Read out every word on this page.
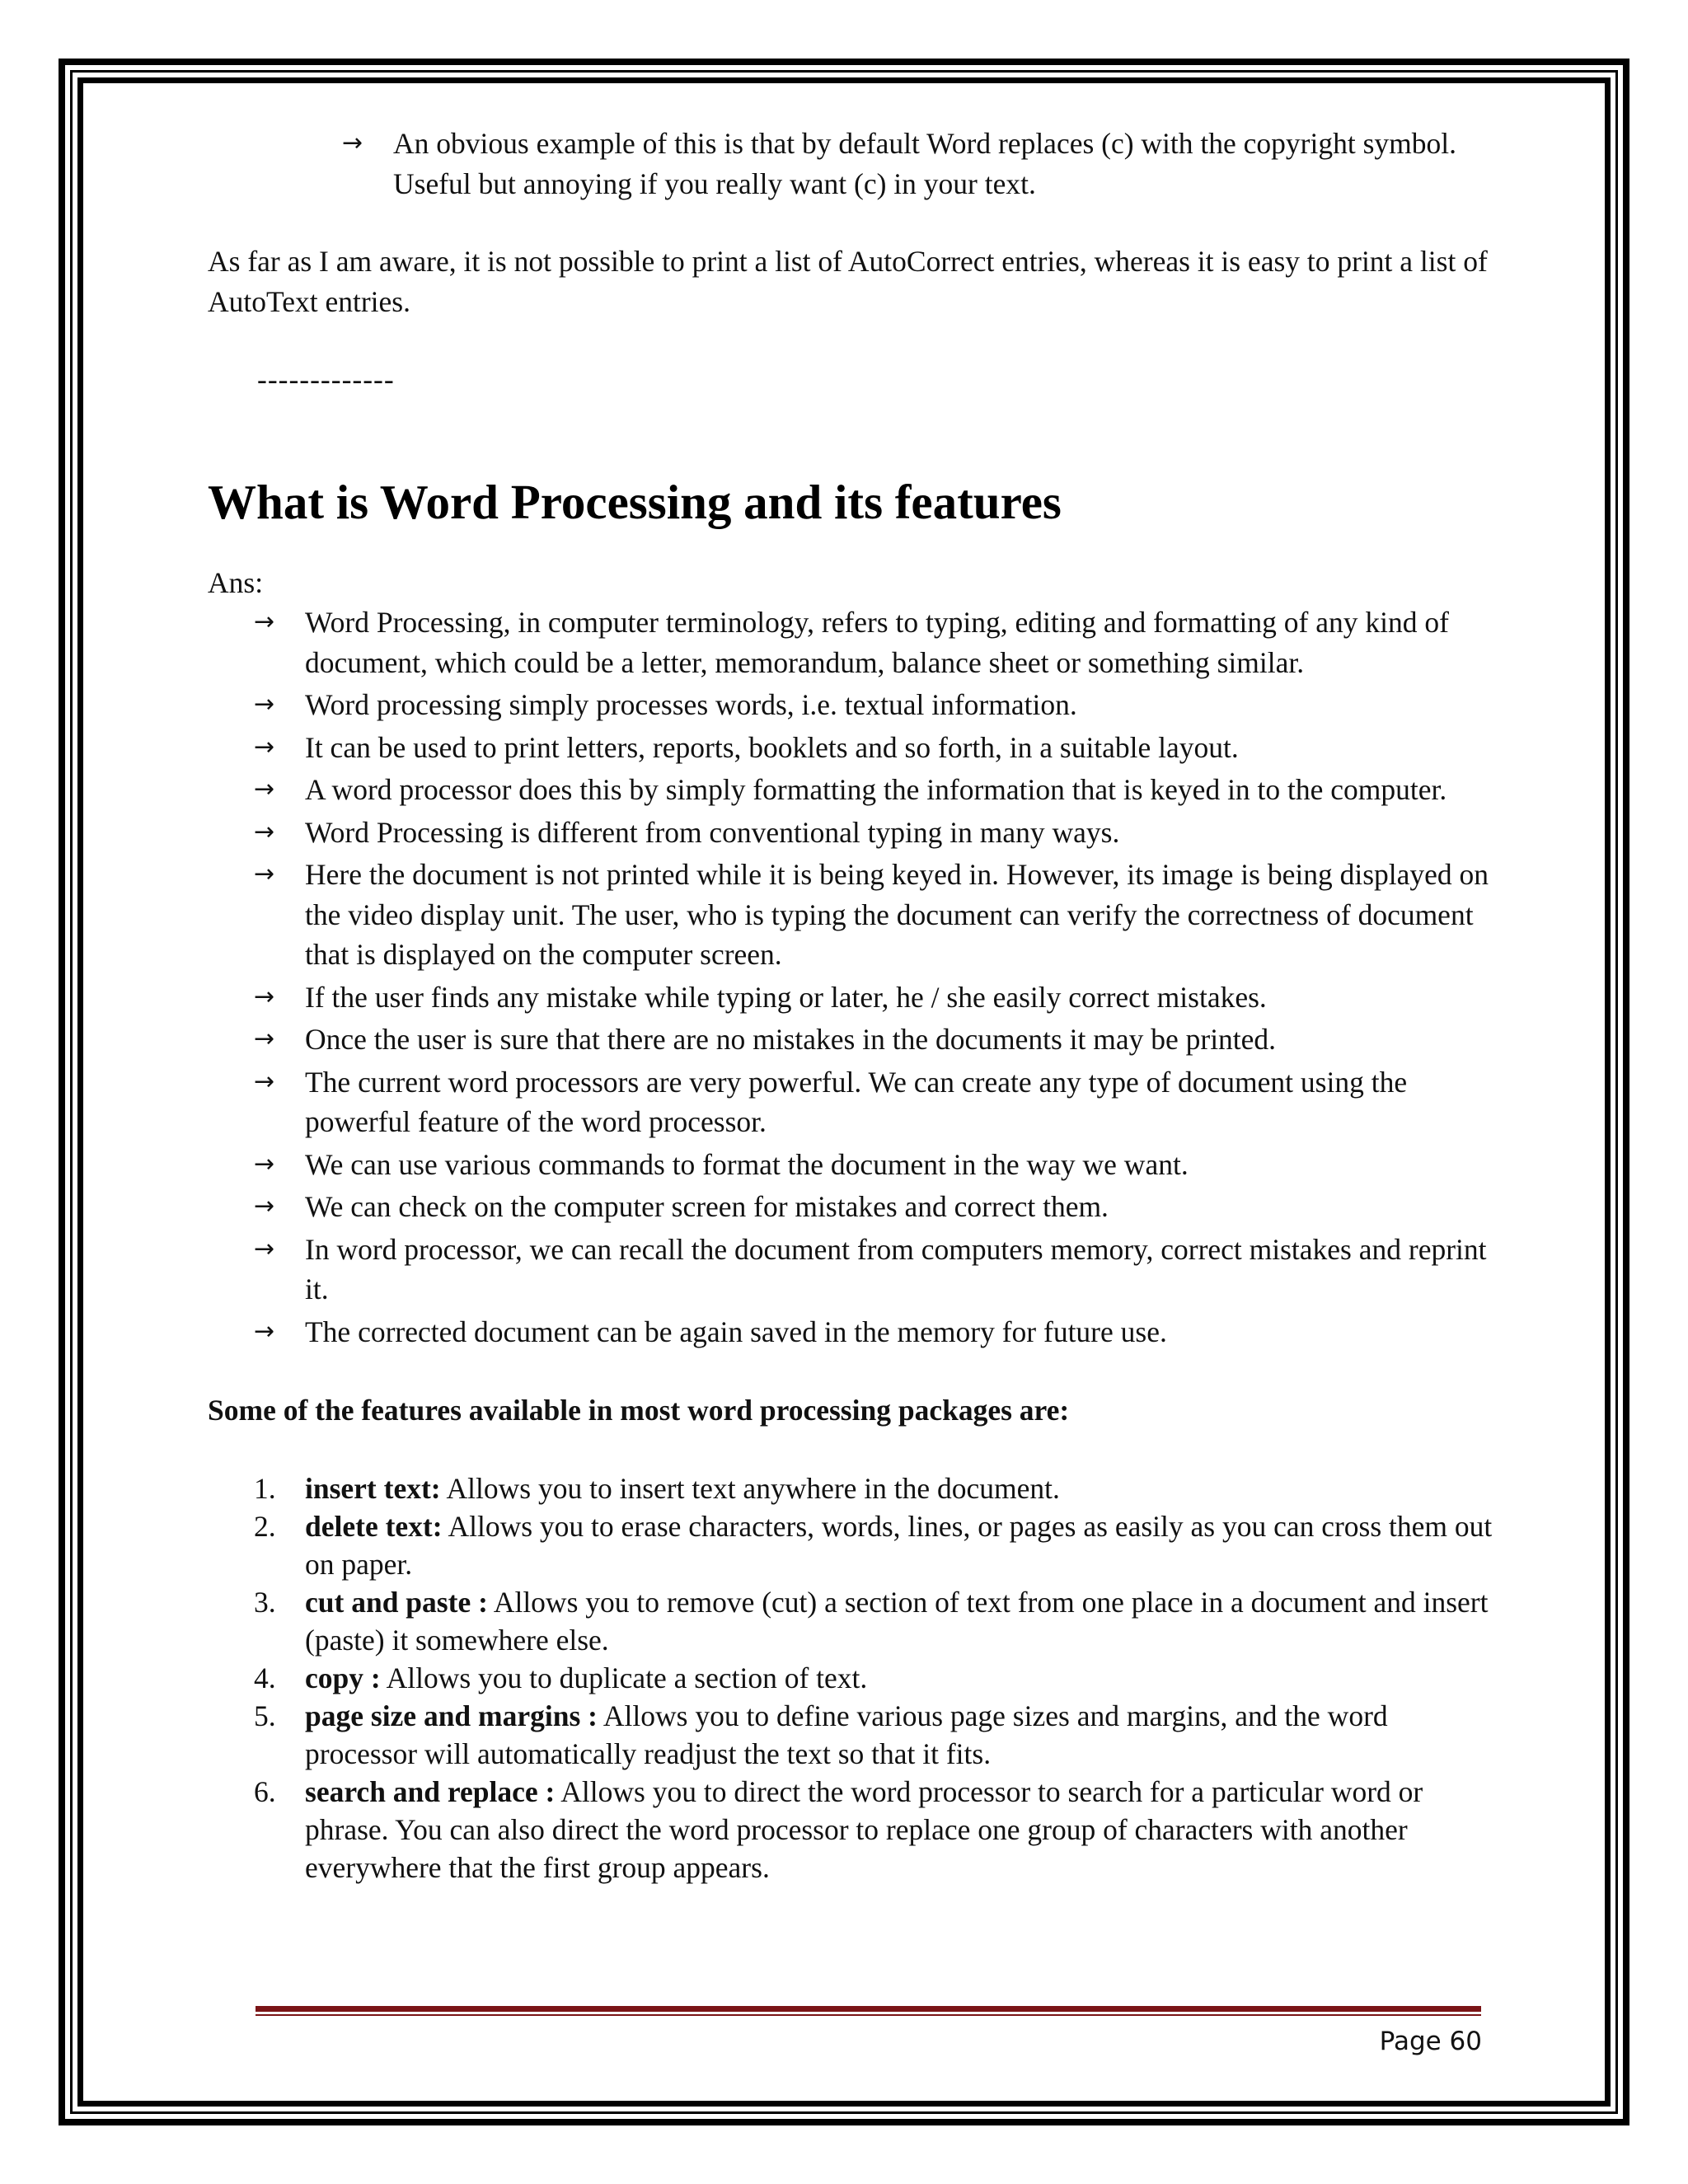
→ An obvious example of this is that by default Word replaces (c) with the copyright symbol. Useful but annoying if you really want (c) in your text.

As far as I am aware, it is not possible to print a list of AutoCorrect entries, whereas it is easy to print a list of AutoText entries.

-------------

What is Word Processing and its features

Ans:

→ Word Processing, in computer terminology, refers to typing, editing and formatting of any kind of document, which could be a letter, memorandum, balance sheet or something similar.
→ Word processing simply processes words, i.e. textual information.
→ It can be used to print letters, reports, booklets and so forth, in a suitable layout.
→ A word processor does this by simply formatting the information that is keyed in to the computer.
→ Word Processing is different from conventional typing in many ways.
→ Here the document is not printed while it is being keyed in. However, its image is being displayed on the video display unit. The user, who is typing the document can verify the correctness of document that is displayed on the computer screen.
→ If the user finds any mistake while typing or later, he / she easily correct mistakes.
→ Once the user is sure that there are no mistakes in the documents it may be printed.
→ The current word processors are very powerful. We can create any type of document using the powerful feature of the word processor.
→ We can use various commands to format the document in the way we want.
→ We can check on the computer screen for mistakes and correct them.
→ In word processor, we can recall the document from computers memory, correct mistakes and reprint it.
→ The corrected document can be again saved in the memory for future use.

Some of the features available in most word processing packages are:

1. insert text: Allows you to insert text anywhere in the document.
2. delete text: Allows you to erase characters, words, lines, or pages as easily as you can cross them out on paper.
3. cut and paste : Allows you to remove (cut) a section of text from one place in a document and insert (paste) it somewhere else.
4. copy : Allows you to duplicate a section of text.
5. page size and margins : Allows you to define various page sizes and margins, and the word processor will automatically readjust the text so that it fits.
6. search and replace : Allows you to direct the word processor to search for a particular word or phrase. You can also direct the word processor to replace one group of characters with another everywhere that the first group appears.
Page 60
